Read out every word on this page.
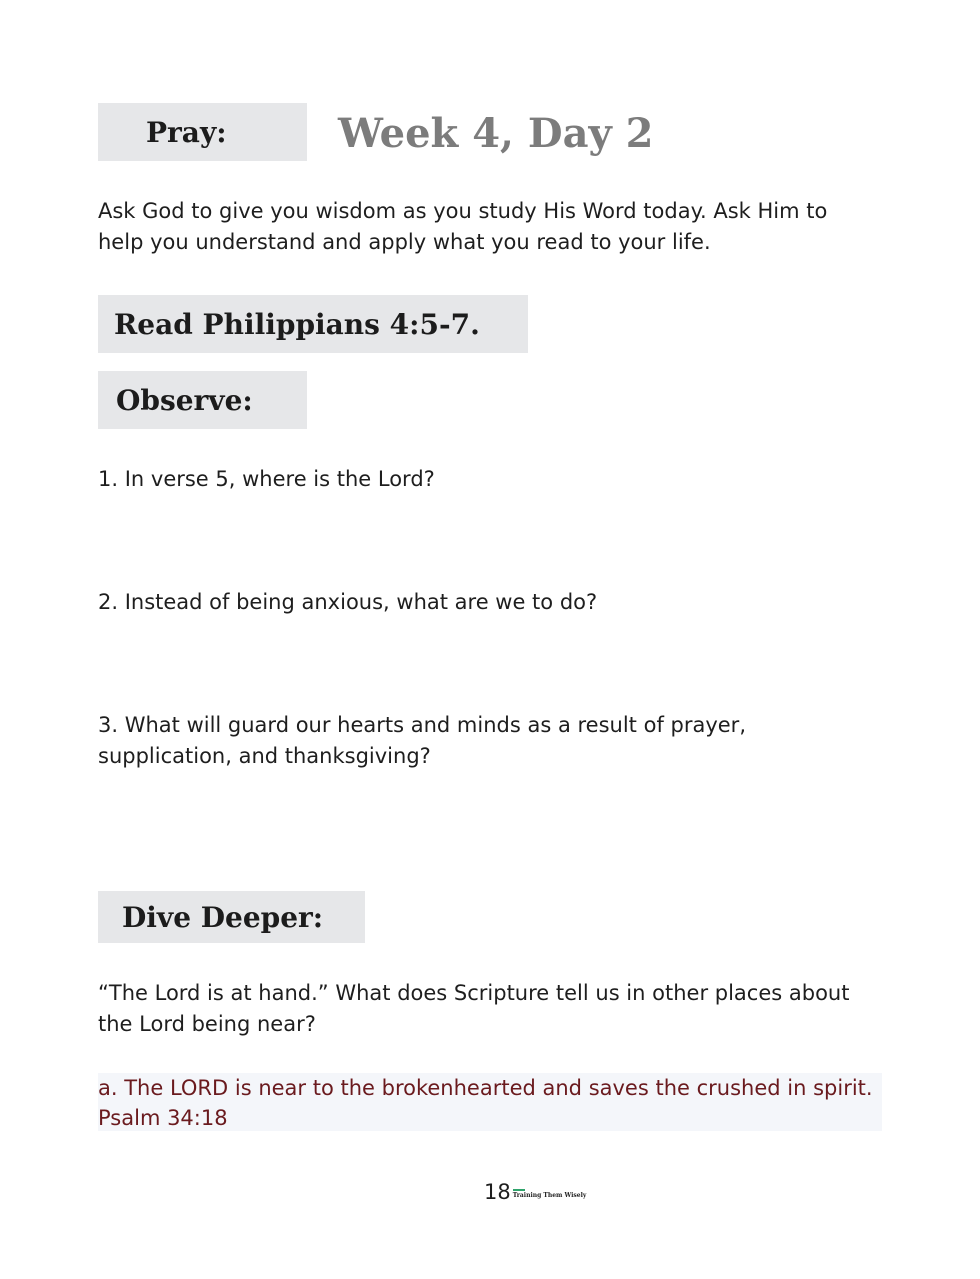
Pray:	Week 4, Day 2
Ask God to give you wisdom as you study His Word today. Ask Him to help you understand and apply what you read to your life.
Read Philippians 4:5-7.
Observe:
1. In verse 5, where is the Lord?
2. Instead of being anxious, what are we to do?
3. What will guard our hearts and minds as a result of prayer, supplication, and thanksgiving?
Dive Deeper:
“The Lord is at hand.” What does Scripture tell us in other places about the Lord being near?
a. The LORD is near to the brokenhearted and saves the crushed in spirit.
Psalm 34:18
18 Training Them Wisely
